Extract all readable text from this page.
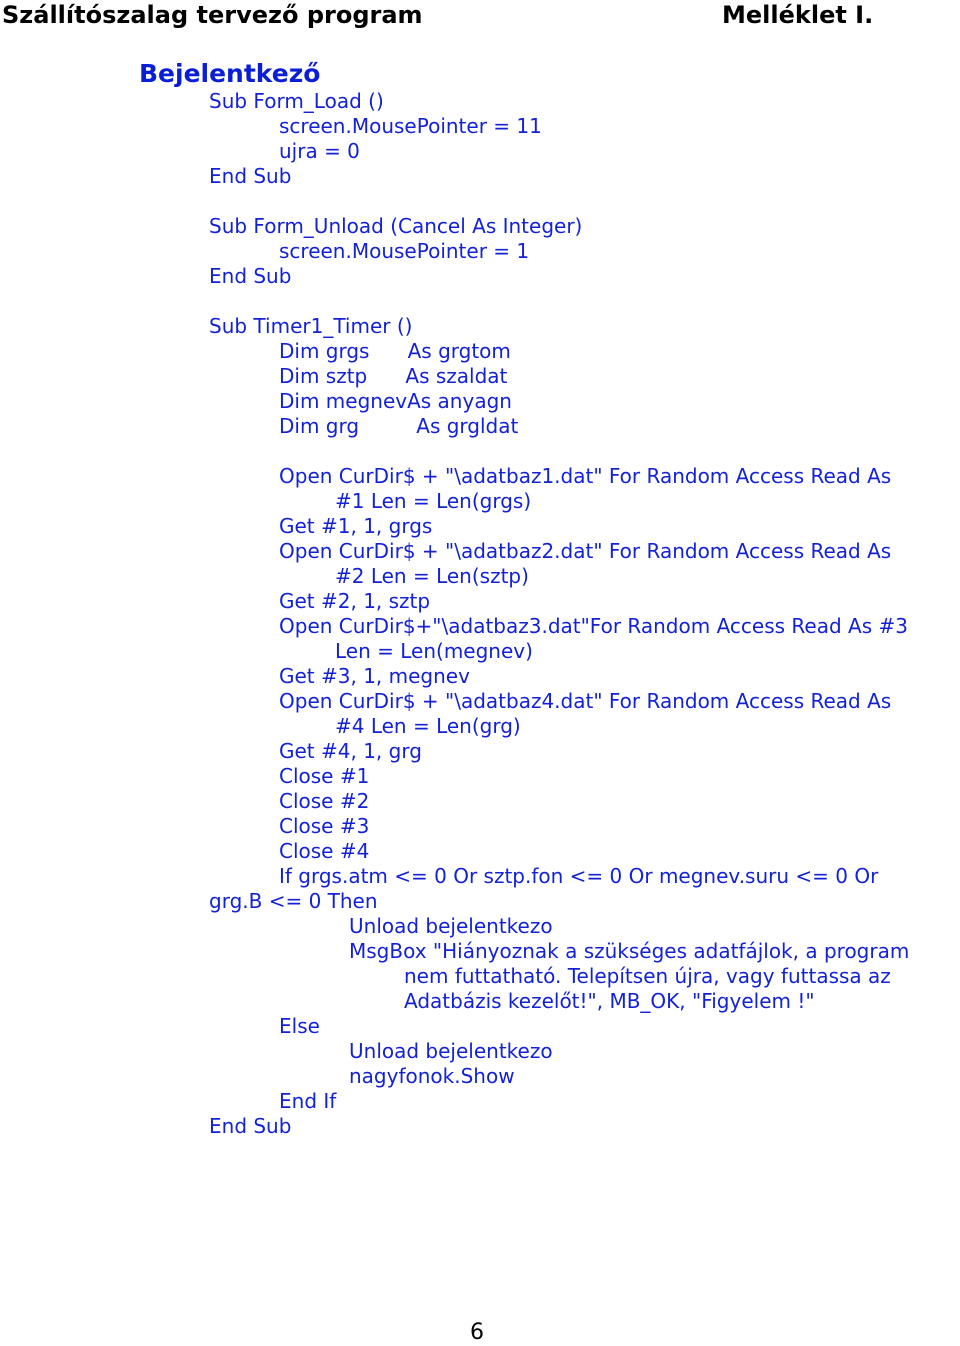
Szállítószalag tervező program	Melléklet I.
Bejelentkező
Sub Form_Load ()
screen.MousePointer = 11
ujra = 0
End Sub
Sub Form_Unload (Cancel As Integer)
screen.MousePointer = 1
End Sub
Sub Timer1_Timer ()
Dim grgs      As grgtom
Dim sztp      As szaldat
Dim megnevAs anyagn
Dim grg         As grgldat
Open CurDir$ + "\adatbaz1.dat" For Random Access Read As
#1 Len = Len(grgs)
Get #1, 1, grgs
Open CurDir$ + "\adatbaz2.dat" For Random Access Read As
#2 Len = Len(sztp)
Get #2, 1, sztp
Open CurDir$+"\adatbaz3.dat"For Random Access Read As #3
Len = Len(megnev)
Get #3, 1, megnev
Open CurDir$ + "\adatbaz4.dat" For Random Access Read As
#4 Len = Len(grg)
Get #4, 1, grg
Close #1
Close #2
Close #3
Close #4
If grgs.atm <= 0 Or sztp.fon <= 0 Or megnev.suru <= 0 Or
grg.B <= 0 Then
Unload bejelentkezo
MsgBox "Hiányoznak a szükséges adatfájlok, a program
nem futtatható. Telepítsen újra, vagy futtassa az
Adatbázis kezelőt!", MB_OK, "Figyelem !"
Else
Unload bejelentkezo
nagyfonok.Show
End If
End Sub
6
